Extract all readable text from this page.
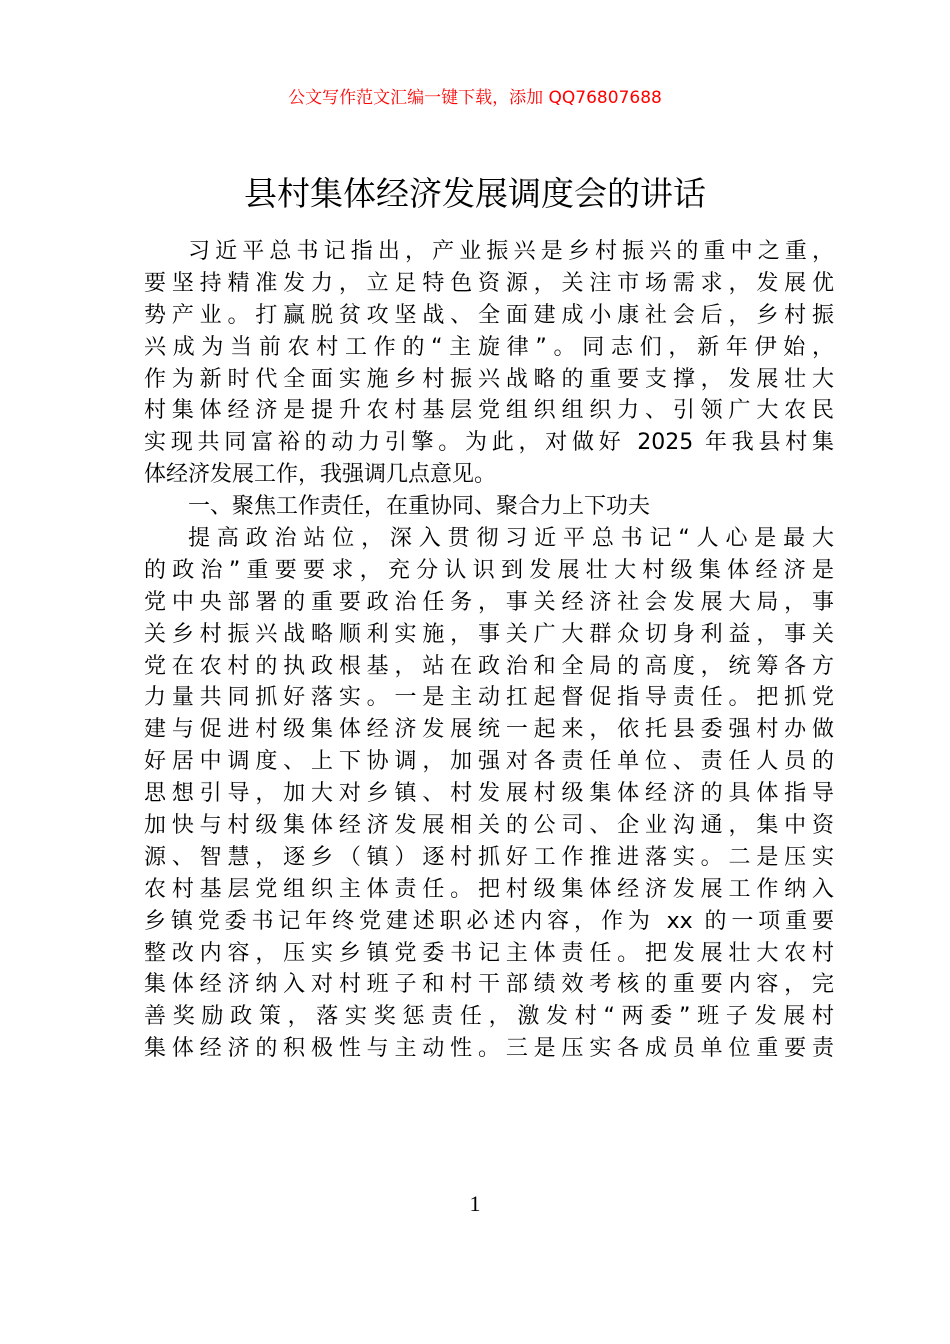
公文写作范文汇编一键下载，添加 QQ76807688
县村集体经济发展调度会的讲话
习近平总书记指出，产业振兴是乡村振兴的重中之重，
要坚持精准发力，立足特色资源，关注市场需求，发展优
势产业。打赢脱贫攻坚战、全面建成小康社会后，乡村振
兴成为当前农村工作的“主旋律”。同志们，新年伊始，
作为新时代全面实施乡村振兴战略的重要支撑，发展壮大
村集体经济是提升农村基层党组织组织力、引领广大农民
实现共同富裕的动力引擎。为此，对做好 2025 年我县村集
体经济发展工作，我强调几点意见。
一、聚焦工作责任，在重协同、聚合力上下功夫
提高政治站位，深入贯彻习近平总书记“人心是最大
的政治”重要要求，充分认识到发展壮大村级集体经济是
党中央部署的重要政治任务，事关经济社会发展大局，事
关乡村振兴战略顺利实施，事关广大群众切身利益，事关
党在农村的执政根基，站在政治和全局的高度，统筹各方
力量共同抓好落实。一是主动扛起督促指导责任。把抓党
建与促进村级集体经济发展统一起来，依托县委强村办做
好居中调度、上下协调，加强对各责任单位、责任人员的
思想引导，加大对乡镇、村发展村级集体经济的具体指导
加快与村级集体经济发展相关的公司、企业沟通，集中资
源、智慧，逐乡（镇）逐村抓好工作推进落实。二是压实
农村基层党组织主体责任。把村级集体经济发展工作纳入
乡镇党委书记年终党建述职必述内容，作为 xx 的一项重要
整改内容，压实乡镇党委书记主体责任。把发展壮大农村
集体经济纳入对村班子和村干部绩效考核的重要内容，完
善奖励政策，落实奖惩责任，激发村“两委”班子发展村
集体经济的积极性与主动性。三是压实各成员单位重要责
1
